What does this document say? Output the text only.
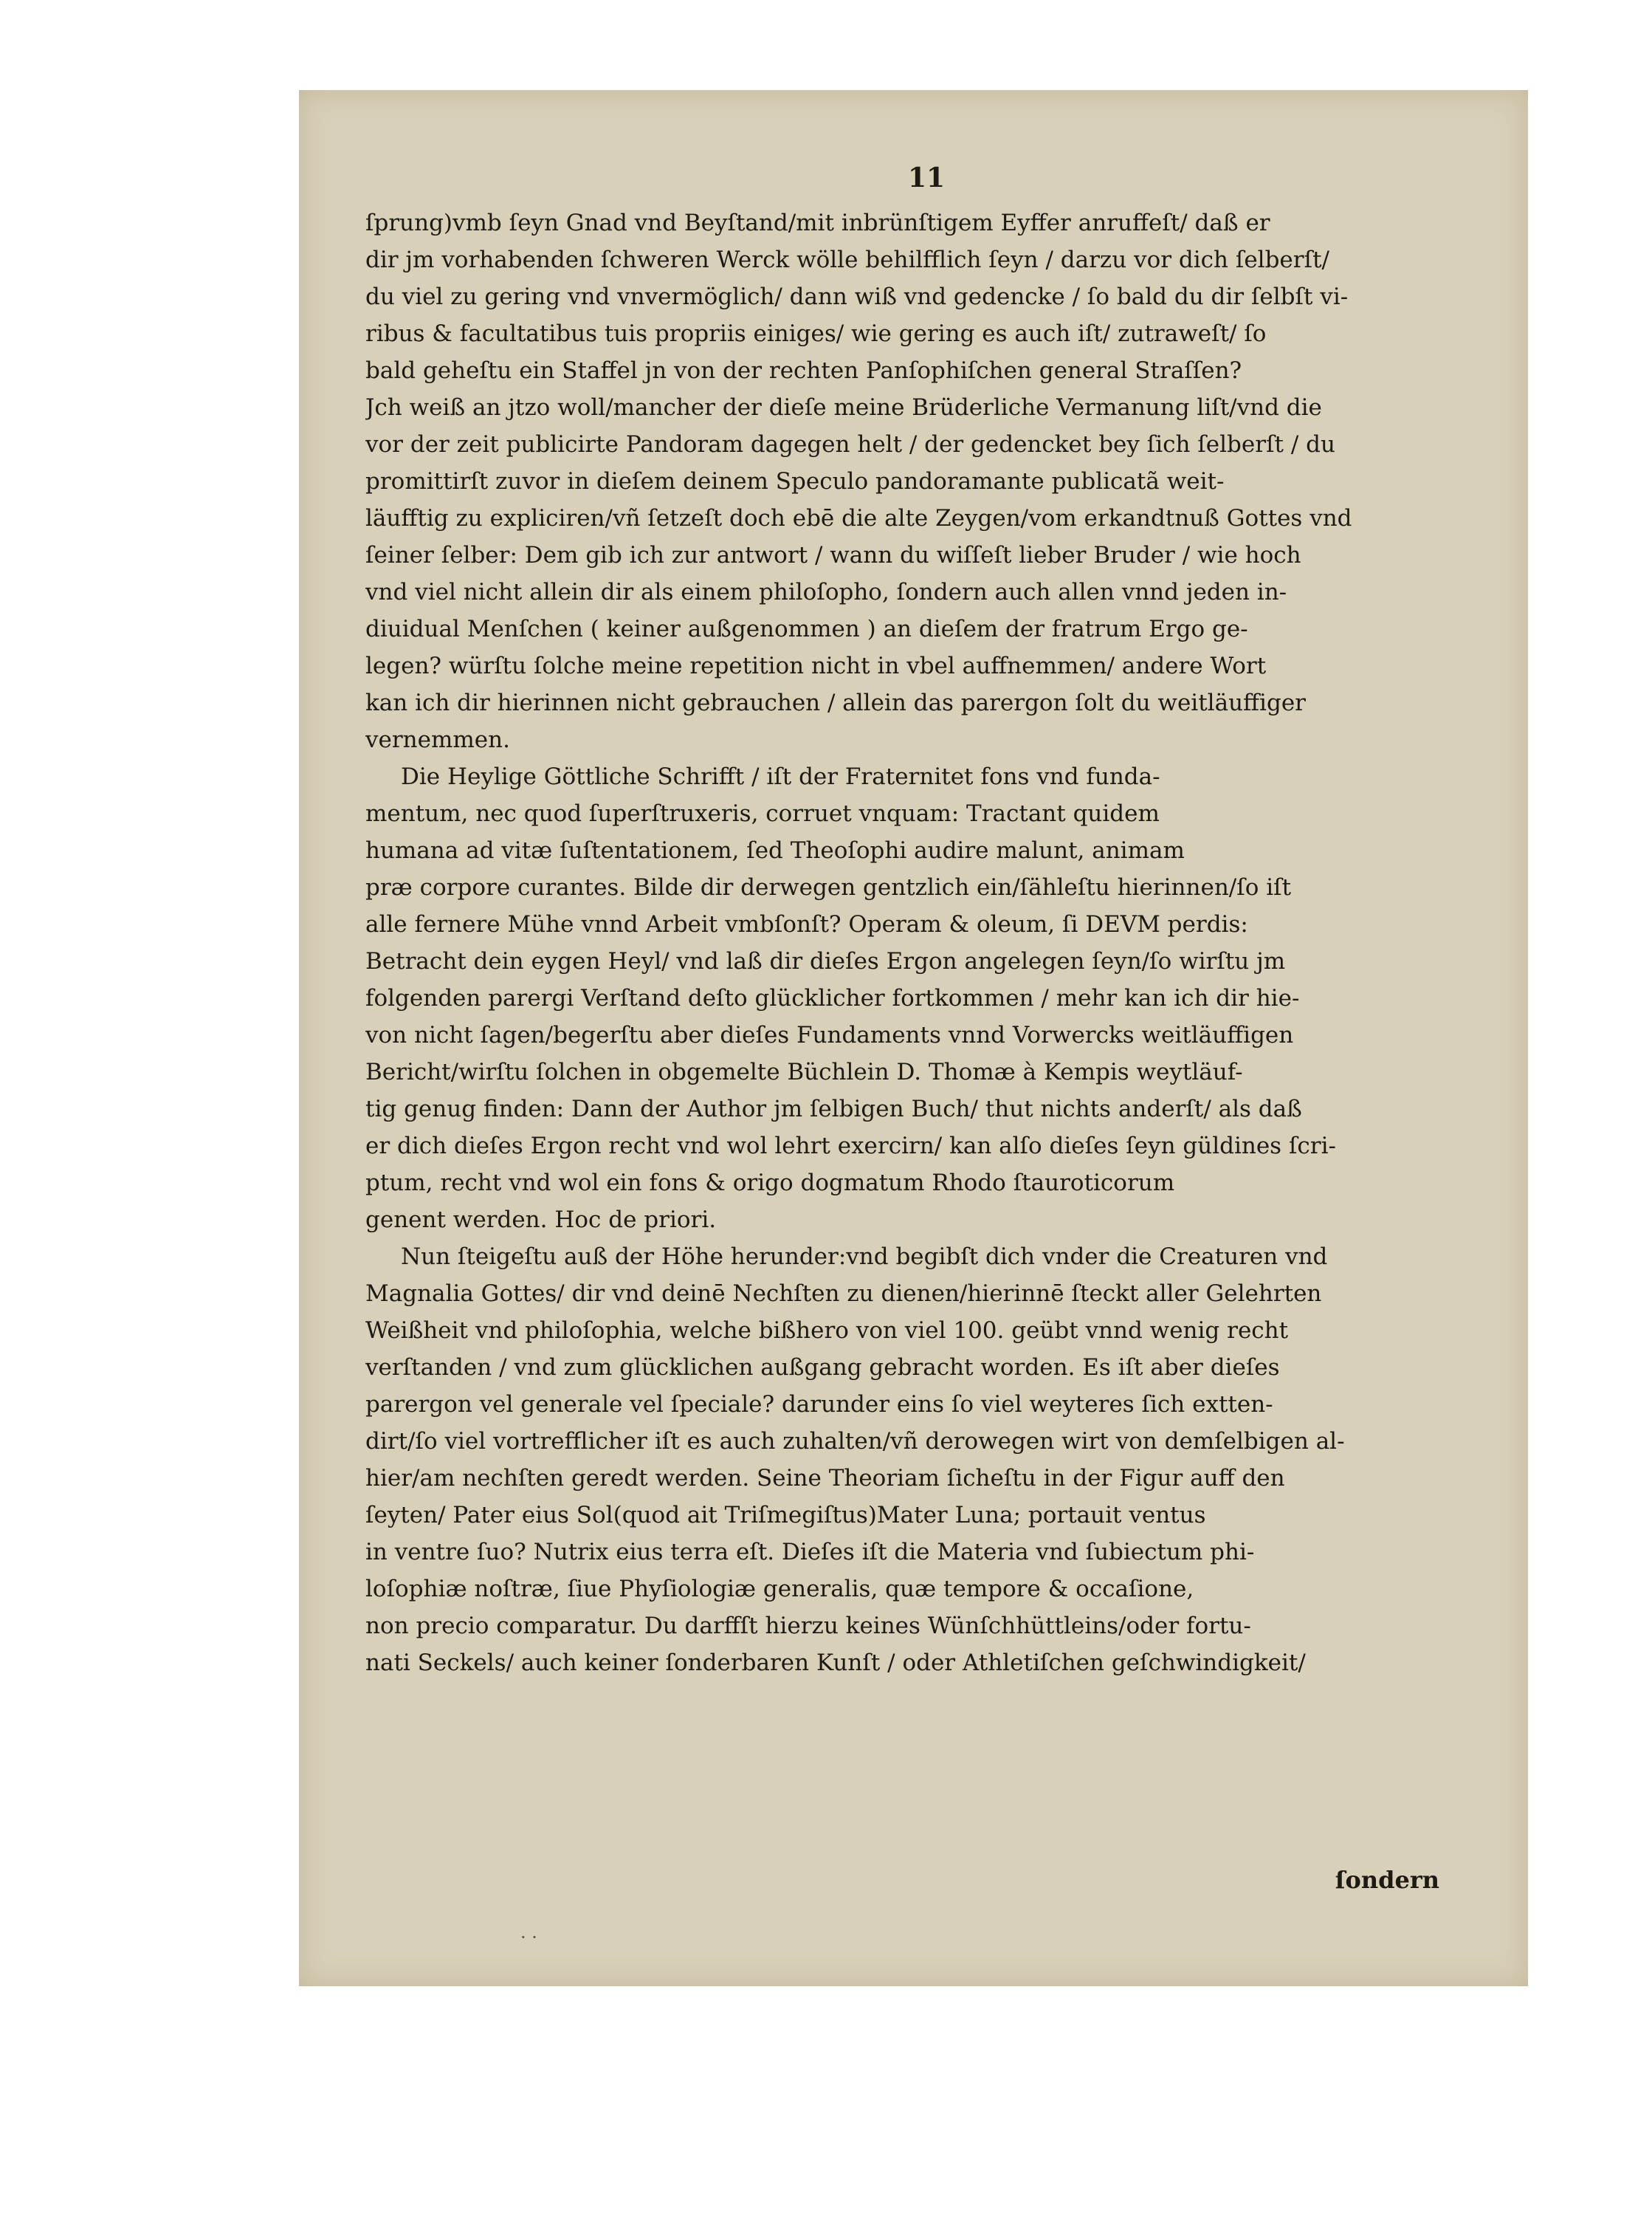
11
ſprung)vmb ſeyn Gnad vnd Beyſtand/mit inbrünſtigem Eyffer anruffeſt/ daß er
dir jm vorhabenden ſchweren Werck wölle behilfflich ſeyn / darzu vor dich ſelberſt/
du viel zu gering vnd vnvermöglich/ dann wiß vnd gedencke / ſo bald du dir ſelbſt vi-
ribus & facultatibus tuis propriis einiges/ wie gering es auch iſt/ zutraweſt/ ſo
bald geheſtu ein Staffel jn von der rechten Panſophiſchen general Straſſen?
Jch weiß an jtzo woll/mancher der dieſe meine Brüderliche Vermanung liſt/vnd die
vor der zeit publicirte Pandoram dagegen helt / der gedencket bey ſich ſelberſt / du
promittirſt zuvor in dieſem deinem Speculo pandoramante publicatã weit-
läufftig zu expliciren/vñ ſetzeſt doch ebē die alte Zeygen/vom erkandtnuß Gottes vnd
ſeiner ſelber: Dem gib ich zur antwort / wann du wiſſeſt lieber Bruder / wie hoch
vnd viel nicht allein dir als einem philoſopho, ſondern auch allen vnnd jeden in-
diuidual Menſchen ( keiner außgenommen ) an dieſem der fratrum Ergo ge-
legen? würſtu ſolche meine repetition nicht in vbel auffnemmen/ andere Wort
kan ich dir hierinnen nicht gebrauchen / allein das parergon ſolt du weitläuffiger
vernemmen.
Die Heylige Göttliche Schrifft / iſt der Fraternitet fons vnd funda-
mentum, nec quod ſuperſtruxeris, corruet vnquam: Tractant quidem
humana ad vitæ ſuſtentationem, ſed Theoſophi audire malunt, animam
præ corpore curantes. Bilde dir derwegen gentzlich ein/ſähleſtu hierinnen/ſo iſt
alle fernere Mühe vnnd Arbeit vmbſonſt? Operam & oleum, ſi DEVM perdis:
Betracht dein eygen Heyl/ vnd laß dir dieſes Ergon angelegen ſeyn/ſo wirſtu jm
folgenden parergi Verſtand deſto glücklicher fortkommen / mehr kan ich dir hie-
von nicht ſagen/begerſtu aber dieſes Fundaments vnnd Vorwercks weitläuffigen
Bericht/wirſtu ſolchen in obgemelte Büchlein D. Thomæ à Kempis weytläuf-
tig genug finden: Dann der Author jm ſelbigen Buch/ thut nichts anderſt/ als daß
er dich dieſes Ergon recht vnd wol lehrt exercirn/ kan alſo dieſes ſeyn güldines ſcri-
ptum, recht vnd wol ein fons & origo dogmatum Rhodo ſtauroticorum
genent werden. Hoc de priori.
Nun ſteigeſtu auß der Höhe herunder:vnd begibſt dich vnder die Creaturen vnd
Magnalia Gottes/ dir vnd deinē Nechſten zu dienen/hierinnē ſteckt aller Gelehrten
Weißheit vnd philoſophia, welche bißhero von viel 100. geübt vnnd wenig recht
verſtanden / vnd zum glücklichen außgang gebracht worden. Es iſt aber dieſes
parergon vel generale vel ſpeciale? darunder eins ſo viel weyteres ſich extten-
dirt/ſo viel vortrefflicher iſt es auch zuhalten/vñ derowegen wirt von demſelbigen al-
hier/am nechſten geredt werden. Seine Theoriam ſicheſtu in der Figur auff den
ſeyten/ Pater eius Sol(quod ait Triſmegiſtus)Mater Luna; portauit ventus
in ventre ſuo? Nutrix eius terra eſt. Dieſes iſt die Materia vnd ſubiectum phi-
loſophiæ noſtræ, ſiue Phyſiologiæ generalis, quæ tempore & occaſione,
non precio comparatur. Du darffſt hierzu keines Wünſchhüttleins/oder fortu-
nati Seckels/ auch keiner ſonderbaren Kunſt / oder Athletiſchen geſchwindigkeit/
ſondern
· ·
